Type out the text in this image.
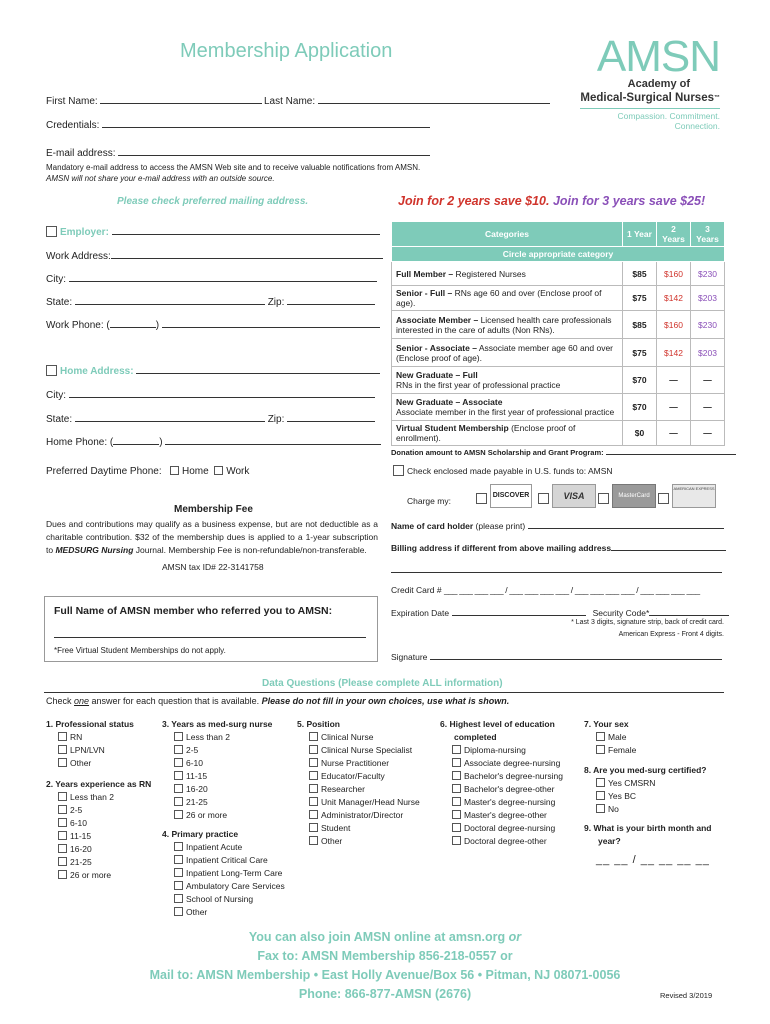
Membership Application	AMSN
Academy of
Medical-Surgical Nurses™
Compassion. Commitment. Connection.
First Name:	Last Name:
Credentials:
E-mail address:
Mandatory e-mail address to access the AMSN Web site and to receive valuable notifications from AMSN.
AMSN will not share your e-mail address with an outside source.
Please check preferred mailing address.
Employer:
Work Address:
City:
State:	Zip:
Work Phone: (	)
Home Address:
City:
State:	Zip:
Home Phone: (	)
Preferred Daytime Phone: Home Work
Membership Fee
Dues and contributions may qualify as a business expense, but are not deductible as a charitable contribution. $32 of the membership dues is applied to a 1-year subscription to MEDSURG Nursing Journal. Membership Fee is non-refundable/non-transferable.
AMSN tax ID# 22-3141758
Full Name of AMSN member who referred you to AMSN:
*Free Virtual Student Memberships do not apply.
Join for 2 years save $10. Join for 3 years save $25!
Categories	1 Year	2 Years	3 Years
Circle appropriate category			
Full Member – Registered Nurses	$85	$160	$230
Senior - Full – RNs age 60 and over (Enclose proof of age).	$75	$142	$203
Associate Member – Licensed health care professionals interested in the care of adults (Non RNs).	$85	$160	$230
Senior - Associate – Associate member age 60 and over (Enclose proof of age).	$75	$142	$203
New Graduate – Full
RNs in the first year of professional practice	$70	—	—
New Graduate – Associate
Associate member in the first year of professional practice	$70	—	—
Virtual Student Membership (Enclose proof of enrollment).	$0	—	—
Donation amount to AMSN Scholarship and Grant Program:
Check enclosed made payable in U.S. funds to: AMSN
Charge my:
DISCOVER	VISA	MasterCard
AMERICAN EXPRESS
Name of card holder (please print)
Billing address if different from above mailing address
Credit Card # ___ ___ ___ ___ / ___ ___ ___ ___ / ___ ___ ___ ___ / ___ ___ ___ ___
Expiration Date	Security Code*
* Last 3 digits, signature strip, back of credit card.
American Express - Front 4 digits.
Signature
Data Questions (Please complete ALL information)
Check one answer for each question that is available. Please do not fill in your own choices, use what is shown.
1. Professional status
RN
LPN/LVN
Other
2. Years experience as RN
Less than 2
2-5
6-10
11-15
16-20
21-25
26 or more
3. Years as med-surg nurse
Less than 2
2-5
6-10
11-15
16-20
21-25
26 or more
4. Primary practice
Inpatient Acute
Inpatient Critical Care
Inpatient Long-Term Care
Ambulatory Care Services
School of Nursing
Other
5. Position
Clinical Nurse
Clinical Nurse Specialist
Nurse Practitioner
Educator/Faculty
Researcher
Unit Manager/Head Nurse
Administrator/Director
Student
Other
6. Highest level of education
completed
Diploma-nursing
Associate degree-nursing
Bachelor's degree-nursing
Bachelor's degree-other
Master's degree-nursing
Master's degree-other
Doctoral degree-nursing
Doctoral degree-other
7. Your sex
Male
Female
8. Are you med-surg certified?
Yes CMSRN
Yes BC
No
9. What is your birth month and
year?
__ __ / __ __ __ __
You can also join AMSN online at amsn.org or
Fax to: AMSN Membership 856-218-0557 or
Mail to: AMSN Membership • East Holly Avenue/Box 56 • Pitman, NJ 08071-0056
Phone: 866-877-AMSN (2676)	Revised 3/2019
